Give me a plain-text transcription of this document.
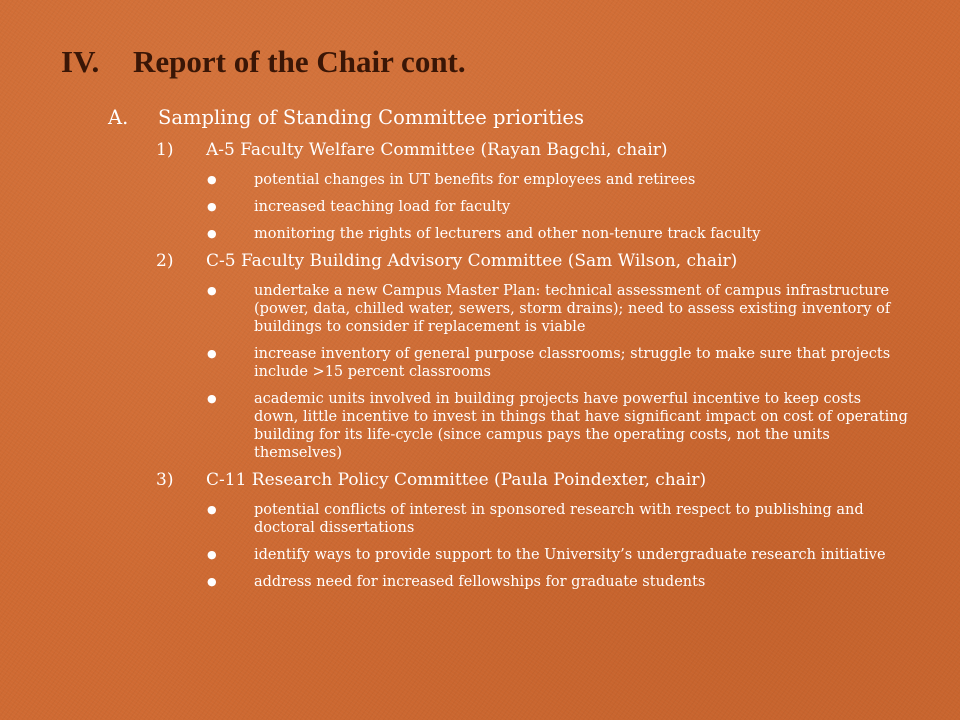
IV. Report of the Chair cont.
A. Sampling of Standing Committee priorities
1) A-5 Faculty Welfare Committee (Rayan Bagchi, chair)
●	potential changes in UT benefits for employees and retirees
●	increased teaching load for faculty
●	monitoring the rights of lecturers and other non-tenure track faculty
2) C-5 Faculty Building Advisory Committee (Sam Wilson, chair)
●	undertake a new Campus Master Plan: technical assessment of campus infrastructure (power, data, chilled water, sewers, storm drains); need to assess existing inventory of buildings to consider if replacement is viable
●	increase inventory of general purpose classrooms; struggle to make sure that projects include >15 percent classrooms
●	academic units involved in building projects have powerful incentive to keep costs down, little incentive to invest in things that have significant impact on cost of operating building for its life-cycle (since campus pays the operating costs, not the units themselves)
3) C-11 Research Policy Committee (Paula Poindexter, chair)
●	potential conflicts of interest in sponsored research with respect to publishing and doctoral dissertations
●	identify ways to provide support to the University’s undergraduate research initiative
●	address need for increased fellowships for graduate students
